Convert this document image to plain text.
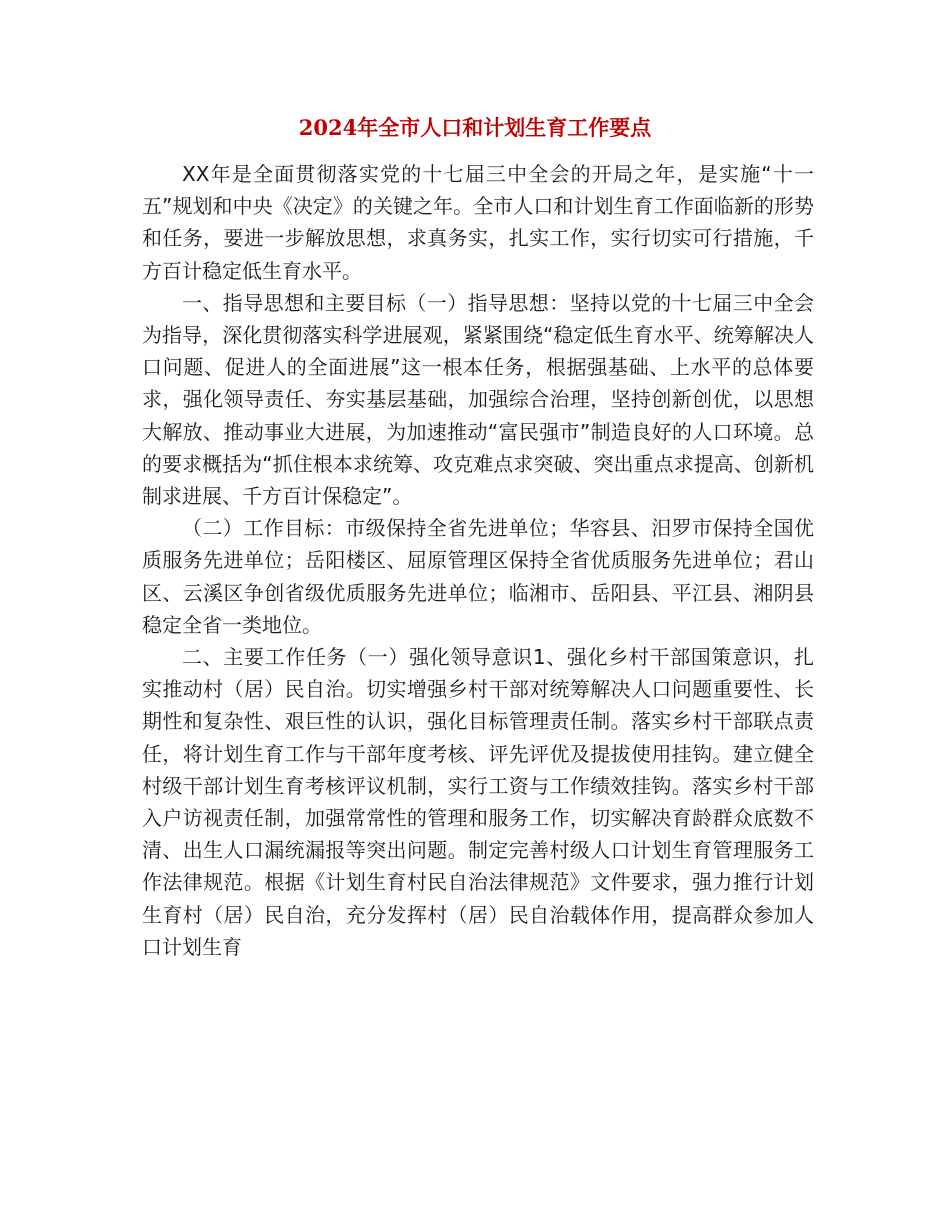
2024年全市人口和计划生育工作要点

XX年是全面贯彻落实党的十七届三中全会的开局之年，是实施“十一五”规划和中央《决定》的关键之年。全市人口和计划生育工作面临新的形势和任务，要进一步解放思想，求真务实，扎实工作，实行切实可行措施，千方百计稳定低生育水平。

一、指导思想和主要目标（一）指导思想：坚持以党的十七届三中全会为指导，深化贯彻落实科学进展观，紧紧围绕“稳定低生育水平、统筹解决人口问题、促进人的全面进展”这一根本任务，根据强基础、上水平的总体要求，强化领导责任、夯实基层基础，加强综合治理，坚持创新创优，以思想大解放、推动事业大进展，为加速推动“富民强市”制造良好的人口环境。总的要求概括为“抓住根本求统筹、攻克难点求突破、突出重点求提高、创新机制求进展、千方百计保稳定”。

（二）工作目标：市级保持全省先进单位；华容县、汨罗市保持全国优质服务先进单位；岳阳楼区、屈原管理区保持全省优质服务先进单位；君山区、云溪区争创省级优质服务先进单位；临湘市、岳阳县、平江县、湘阴县稳定全省一类地位。

二、主要工作任务（一）强化领导意识1、强化乡村干部国策意识，扎实推动村（居）民自治。切实增强乡村干部对统筹解决人口问题重要性、长期性和复杂性、艰巨性的认识，强化目标管理责任制。落实乡村干部联点责任，将计划生育工作与干部年度考核、评先评优及提拔使用挂钩。建立健全村级干部计划生育考核评议机制，实行工资与工作绩效挂钩。落实乡村干部入户访视责任制，加强常常性的管理和服务工作，切实解决育龄群众底数不清、出生人口漏统漏报等突出问题。制定完善村级人口计划生育管理服务工作法律规范。根据《计划生育村民自治法律规范》文件要求，强力推行计划生育村（居）民自治，充分发挥村（居）民自治载体作用，提高群众参加人口计划生育
